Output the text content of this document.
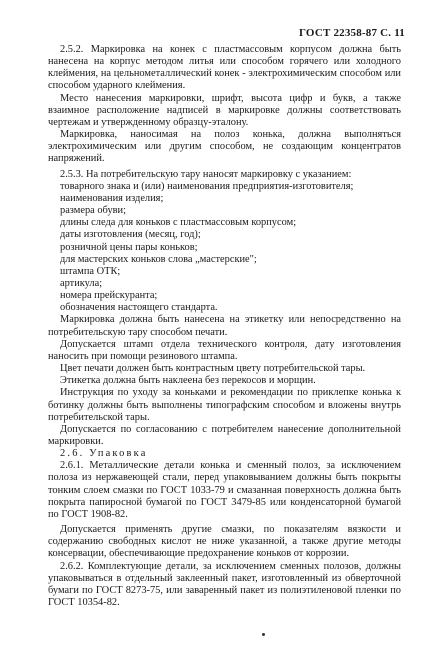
ГОСТ 22358-87 С. 11

2.5.2. Маркировка на конек с пластмассовым корпусом должна быть нанесена на корпус методом литья или способом горячего или холодного клеймения, на цельнометаллический конек - электрохимическим способом или способом ударного клеймения.

Место нанесения маркировки, шрифт, высота цифр и букв, а также взаимное расположение надписей в маркировке должны соответствовать чертежам и утвержденному образцу-эталону.

Маркировка, наносимая на полоз конька, должна выполняться электрохимическим или другим способом, не создающим концентратов напряжений.

2.5.3. На потребительскую тару наносят маркировку с указанием:

товарного знака и (или) наименования предприятия-изготовителя;

наименования изделия;

размера обуви;

длины следа для коньков с пластмассовым корпусом;

даты изготовления (месяц, год);

розничной цены пары коньков;

для мастерских коньков слова „мастерские";

штампа ОТК;

артикула;

номера прейскуранта;

обозначения настоящего стандарта.

Маркировка должна быть нанесена на этикетку или непосредственно на потребительскую тару способом печати.

Допускается штамп отдела технического контроля, дату изготовления наносить при помощи резинового штампа.

Цвет печати должен быть контрастным цвету потребительской тары.

Этикетка должна быть наклеена без перекосов и морщин.

Инструкция по уходу за коньками и рекомендации по приклепке конька к ботинку должны быть выполнены типографским способом и вложены внутрь потребительской тары.

Допускается по согласованию с потребителем нанесение дополнительной маркировки.

2.6. Упаковка

2.6.1. Металлические детали конька и сменный полоз, за исключением полоза из нержавеющей стали, перед упаковыванием должны быть покрыты тонким слоем смазки по ГОСТ 1033-79 и смазанная поверхность должна быть покрыта папиросной бумагой по ГОСТ 3479-85 или конденсаторной бумагой по ГОСТ 1908-82.

Допускается применять другие смазки, по показателям вязкости и содержанию свободных кислот не ниже указанной, а также другие методы консервации, обеспечивающие предохранение коньков от коррозии.

2.6.2. Комплектующие детали, за исключением сменных полозов, должны упаковываться в отдельный заклеенный пакет, изготовленный из обверточной бумаги по ГОСТ 8273-75, или заваренный пакет из полиэтиленовой пленки по ГОСТ 10354-82.
